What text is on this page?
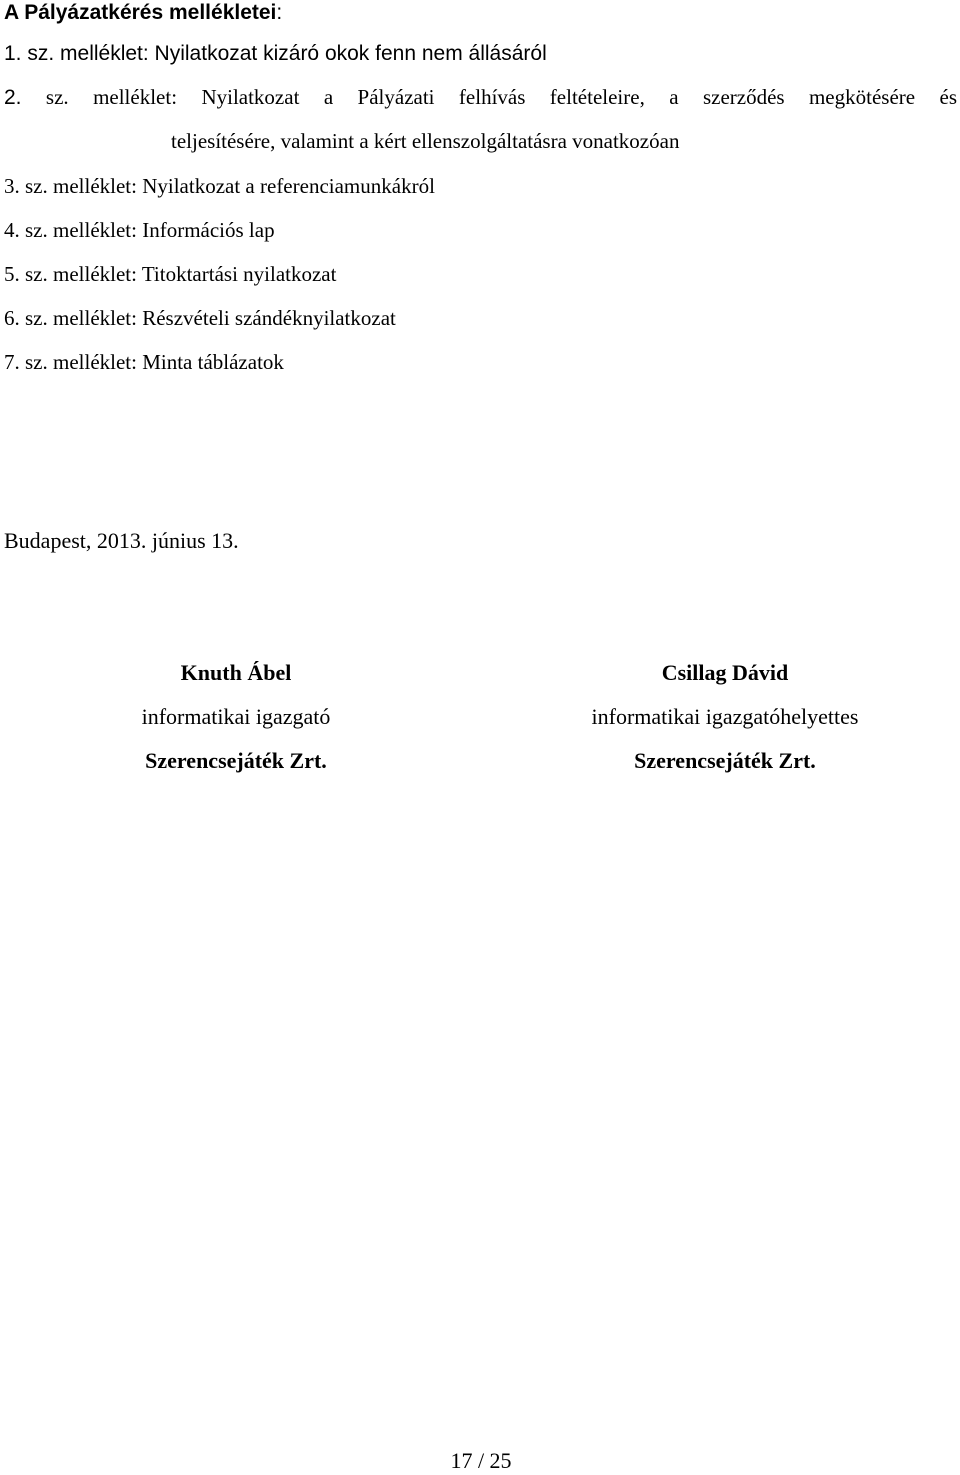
A Pályázatkérés mellékletei:
1. sz. melléklet: Nyilatkozat kizáró okok fenn nem állásáról
2. sz. melléklet: Nyilatkozat a Pályázati felhívás feltételeire, a szerződés megkötésére és
teljesítésére, valamint a kért ellenszolgáltatásra vonatkozóan
3. sz. melléklet: Nyilatkozat a referenciamunkákról
4. sz. melléklet: Információs lap
5. sz. melléklet: Titoktartási nyilatkozat
6. sz. melléklet: Részvételi szándéknyilatkozat
7. sz. melléklet: Minta táblázatok
Budapest, 2013. június 13.
Knuth Ábel
informatikai igazgató
Szerencsejáték Zrt.
Csillag Dávid
informatikai igazgatóhelyettes
Szerencsejáték Zrt.
17 / 25
